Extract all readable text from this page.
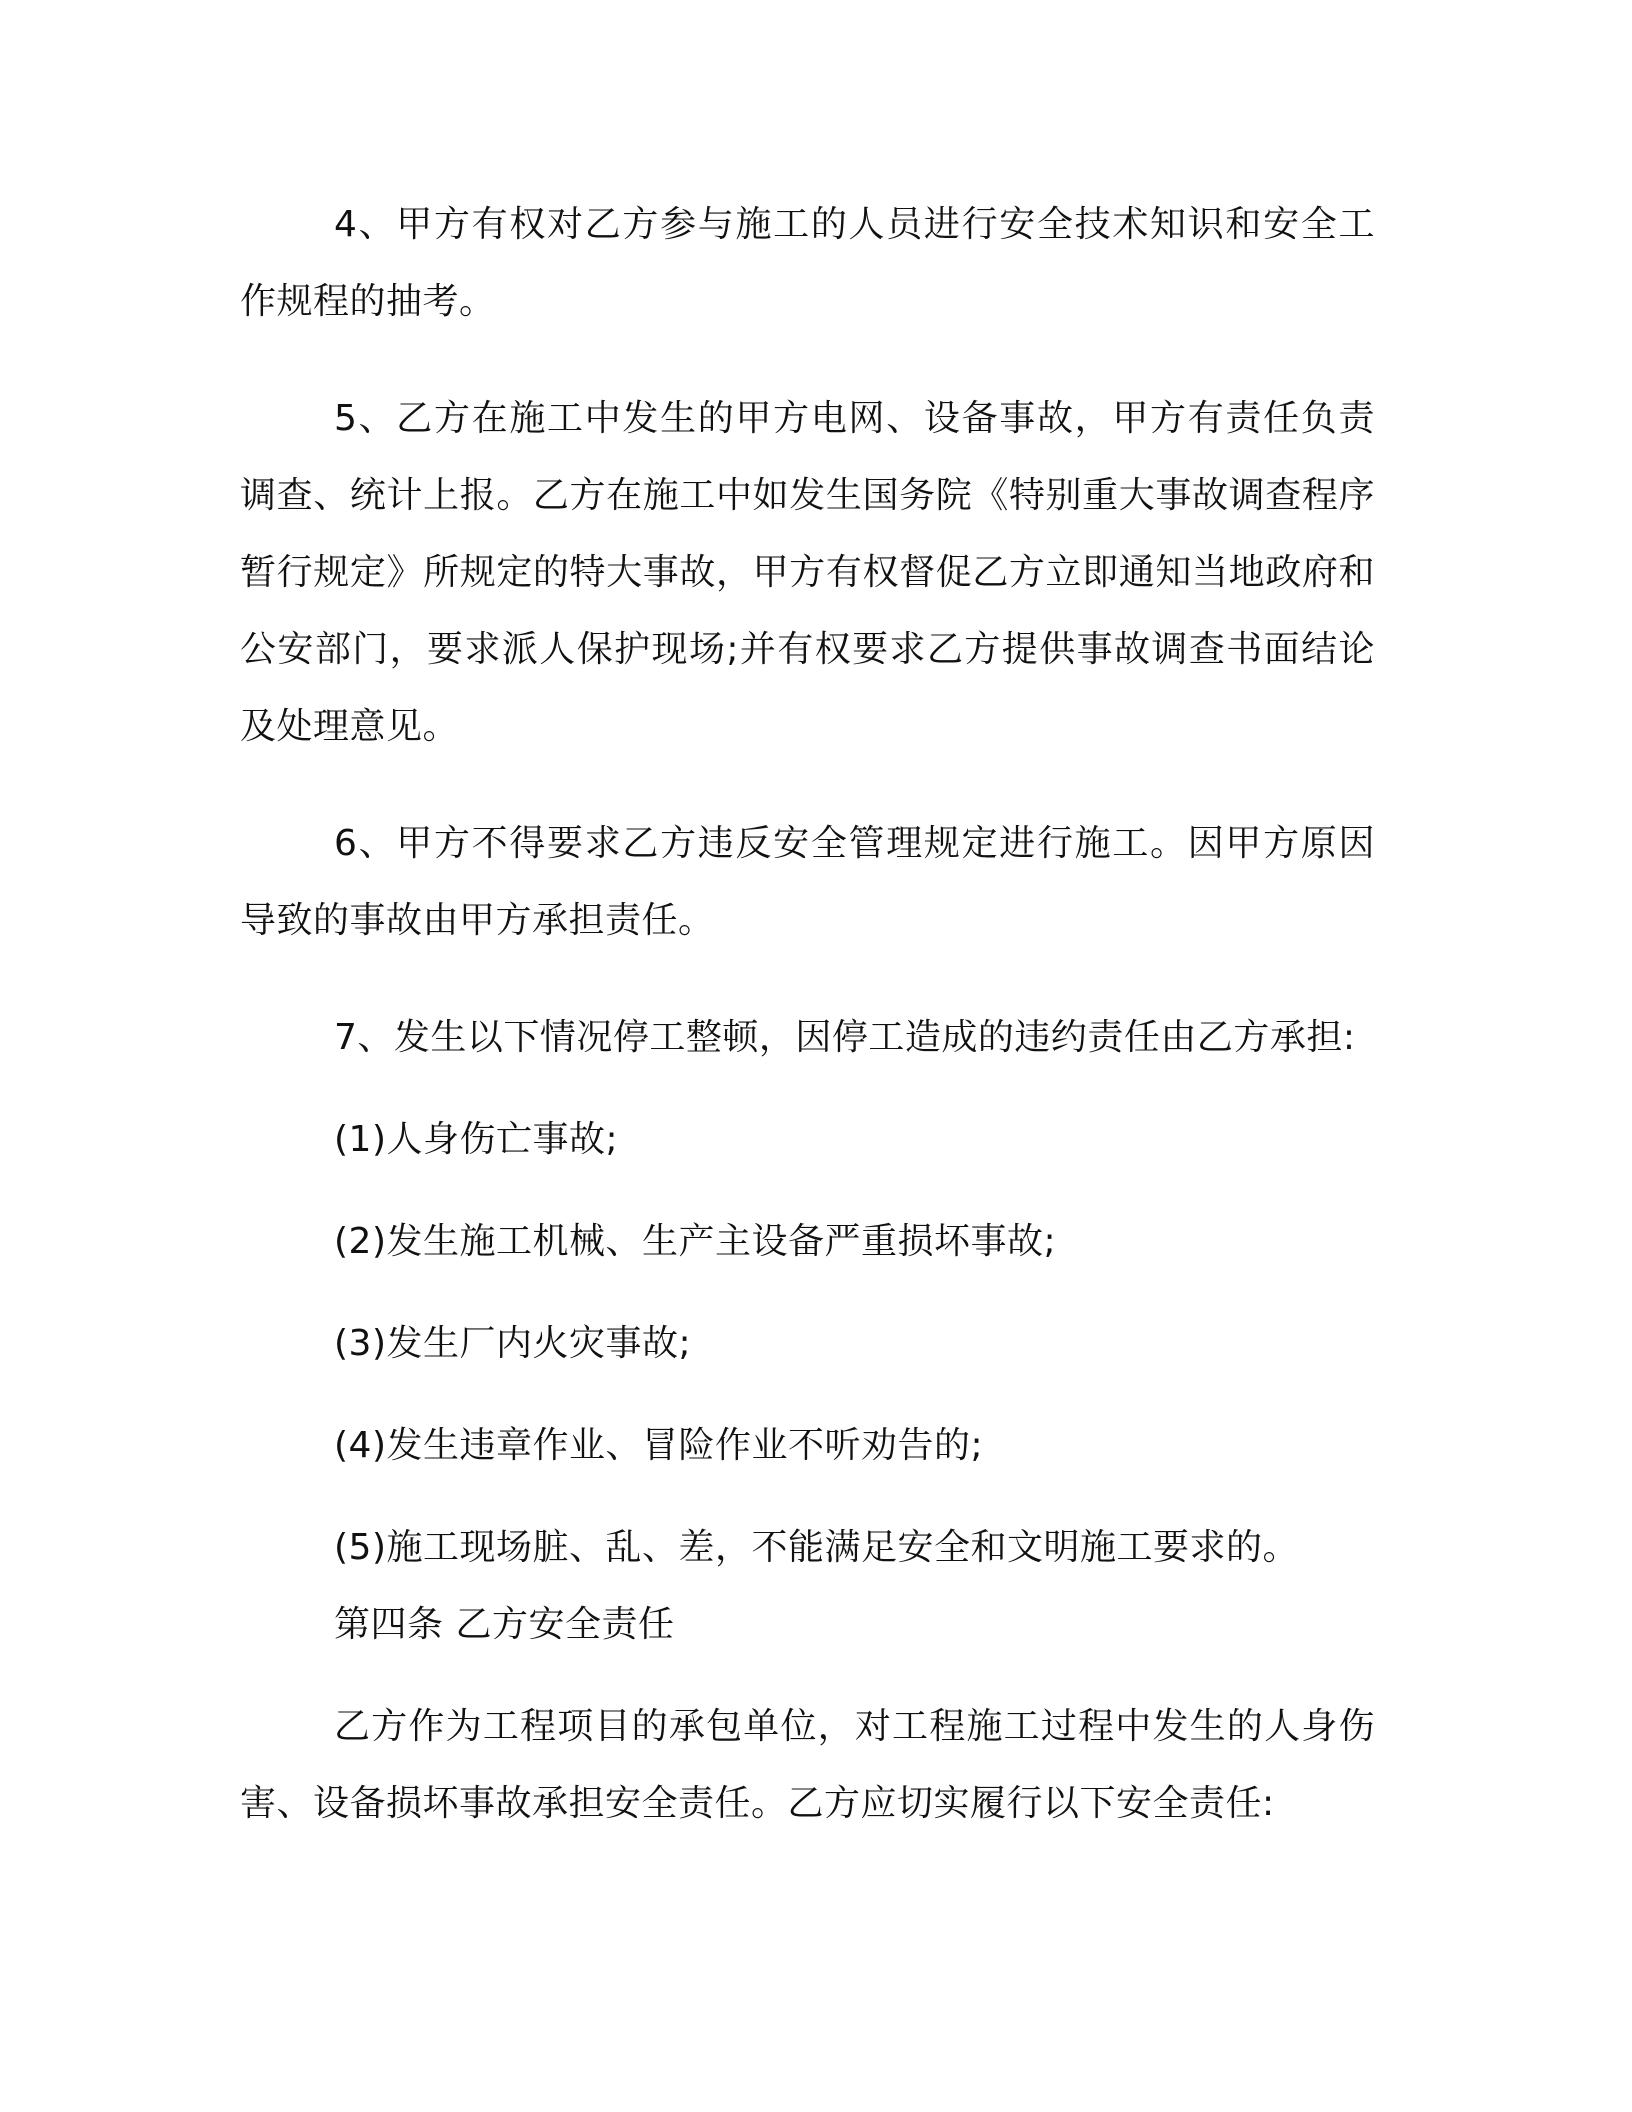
4、甲方有权对乙方参与施工的人员进行安全技术知识和安全工作规程的抽考。

5、乙方在施工中发生的甲方电网、设备事故，甲方有责任负责调查、统计上报。乙方在施工中如发生国务院《特别重大事故调查程序暂行规定》所规定的特大事故，甲方有权督促乙方立即通知当地政府和公安部门，要求派人保护现场;并有权要求乙方提供事故调查书面结论及处理意见。

6、甲方不得要求乙方违反安全管理规定进行施工。因甲方原因导致的事故由甲方承担责任。

7、发生以下情况停工整顿，因停工造成的违约责任由乙方承担:

(1)人身伤亡事故;

(2)发生施工机械、生产主设备严重损坏事故;

(3)发生厂内火灾事故;

(4)发生违章作业、冒险作业不听劝告的;

(5)施工现场脏、乱、差，不能满足安全和文明施工要求的。

第四条 乙方安全责任

乙方作为工程项目的承包单位，对工程施工过程中发生的人身伤害、设备损坏事故承担安全责任。乙方应切实履行以下安全责任:
